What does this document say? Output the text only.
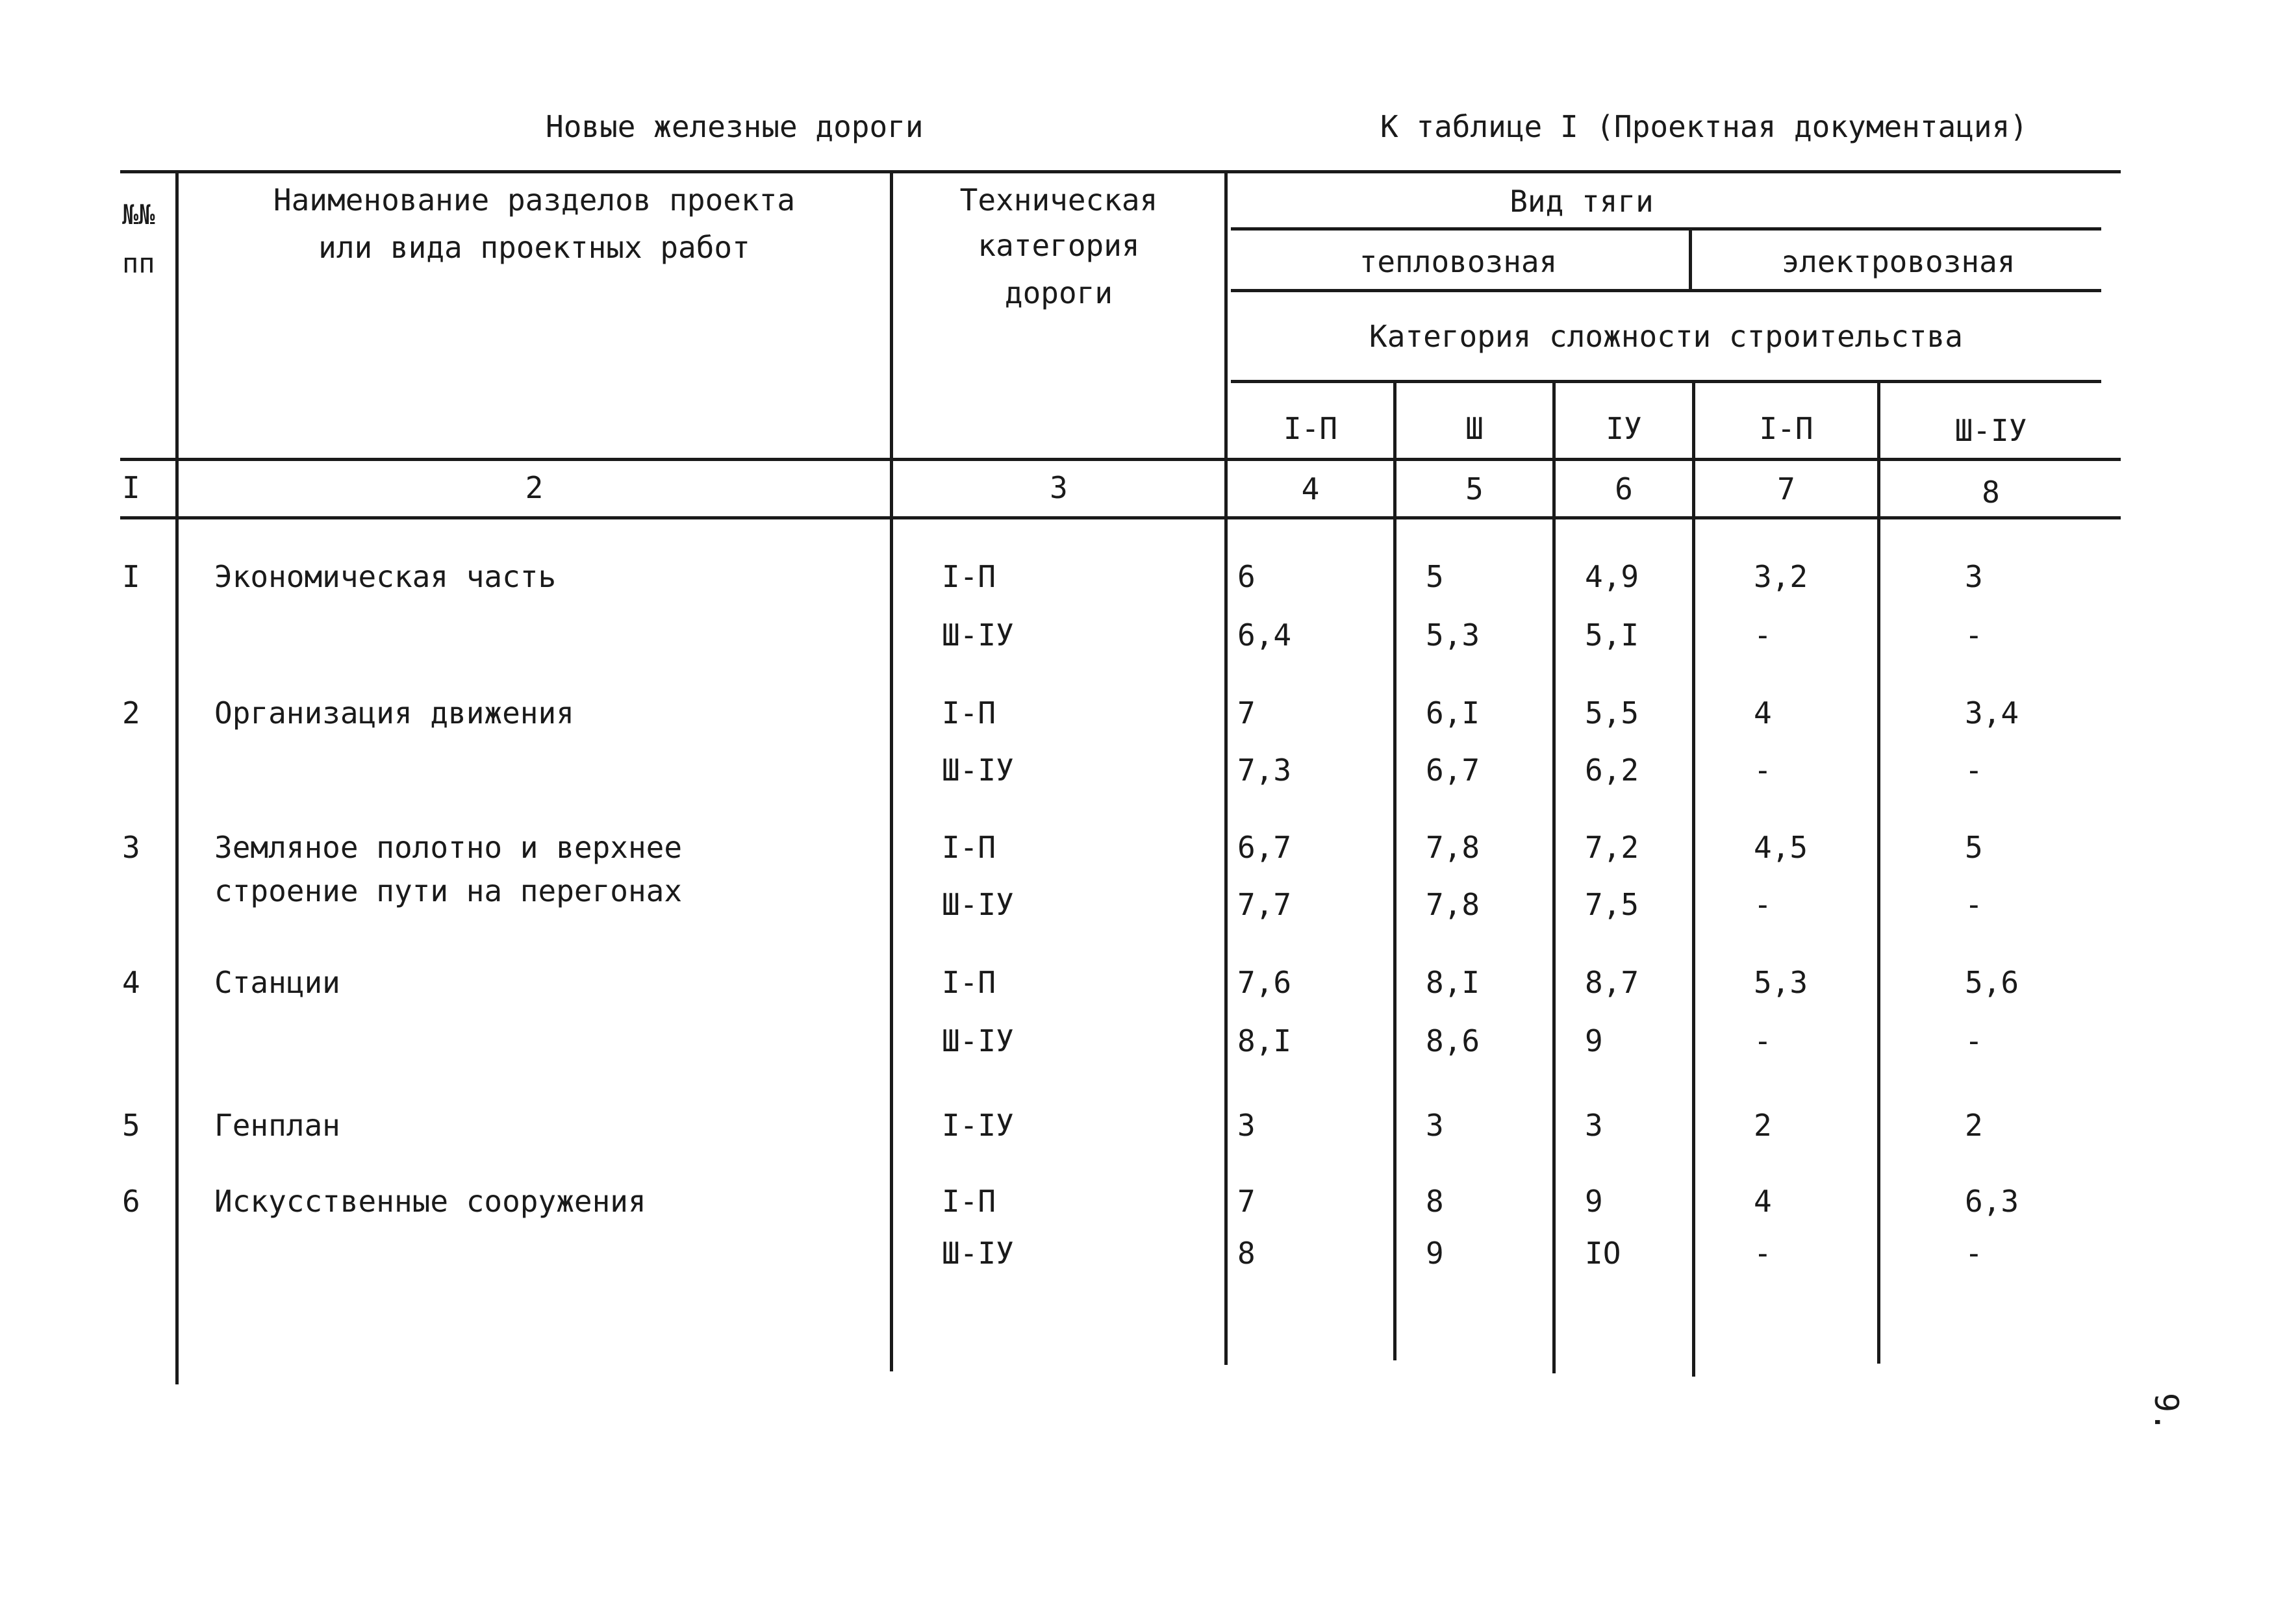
Новые железные дороги	К таблице I (Проектная документация)
№№
пп
Наименование разделов проекта
или вида проектных работ
Техническая
категория
дороги
Вид тяги
тепловозная	электровозная
Категория сложности строительства
I-П	Ш	IУ	I-П	Ш-IУ
I	2	3	4	5	6	7	8
I Экономическая часть	I-П	6	5	4,9	3,2	3
Ш-IУ	6,4	5,3	5,I	-	-
2 Организация движения	I-П	7	6,I	5,5	4	3,4
Ш-IУ	7,3	6,7	6,2	-	-
3 Земляное полотно и верхнее
строение пути на перегонах
I-П	6,7	7,8	7,2	4,5	5
Ш-IУ	7,7	7,8	7,5	-	-
4 Станции	I-П	7,6	8,I	8,7	5,3	5,6
Ш-IУ	8,I	8,6	9	-	-
5 Генплан	I-IУ	3	3	3	2	2
6 Искусственные сооружения	I-П	7	8	9	4	6,3
Ш-IУ	8	9	IO	-	-
9.
